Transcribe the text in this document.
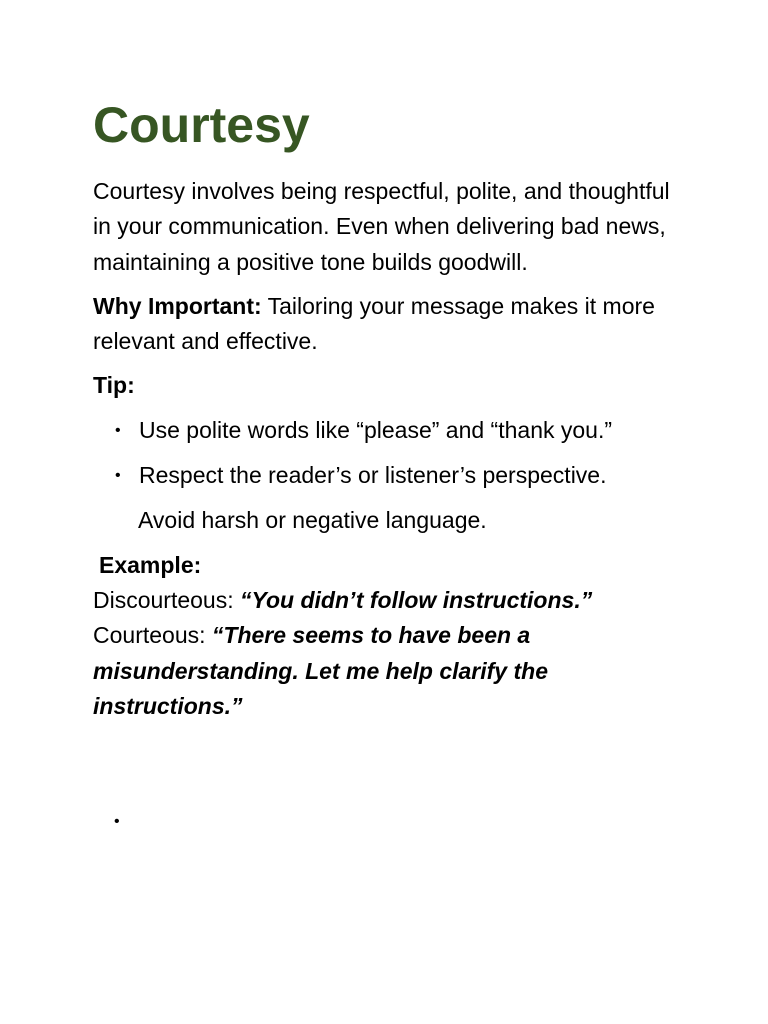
Courtesy

Courtesy involves being respectful, polite, and thoughtful in your communication. Even when delivering bad news, maintaining a positive tone builds goodwill.

Why Important: Tailoring your message makes it more relevant and effective.

Tip:

• Use polite words like “please” and “thank you.”
• Respect the reader’s or listener’s perspective.

Avoid harsh or negative language.

Example:

Discourteous: “You didn’t follow instructions.”

Courteous: “There seems to have been a misunderstanding. Let me help clarify the instructions.”

•
